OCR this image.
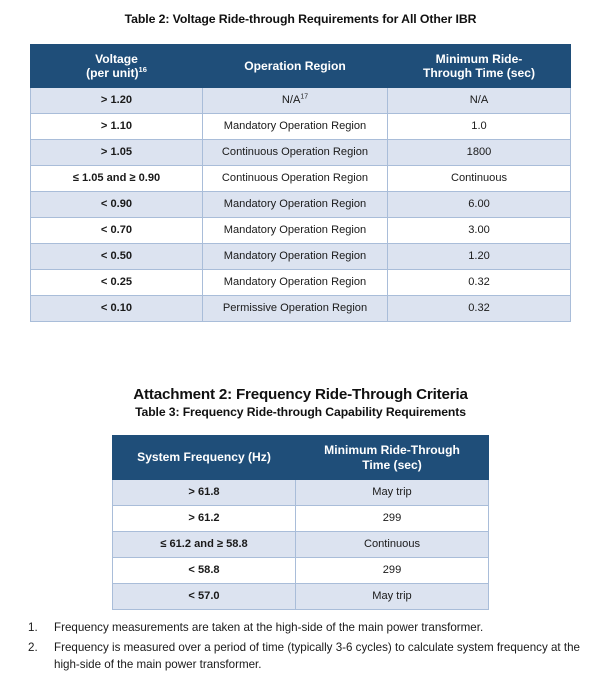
Table 2: Voltage Ride-through Requirements for All Other IBR
Voltage
(per unit)$^{16}$	Operation Region	Minimum Ride-
Through Time (sec)
> 1.20	$N/A^{17}$	N/A
> 1.10	Mandatory Operation Region	1.0
> 1.05	Continuous Operation Region	1800
≤ 1.05 and ≥ 0.90	Continuous Operation Region	Continuous
< 0.90	Mandatory Operation Region	6.00
< 0.70	Mandatory Operation Region	3.00
< 0.50	Mandatory Operation Region	1.20
< 0.25	Mandatory Operation Region	0.32
< 0.10	Permissive Operation Region	0.32
Attachment 2: Frequency Ride-Through Criteria
Table 3: Frequency Ride-through Capability Requirements
System Frequency (Hz)	Minimum Ride-Through
Time (sec)
> 61.8	May trip
> 61.2	299
≤ 61.2 and ≥ 58.8	Continuous
< 58.8	299
< 57.0	May trip
1.	Frequency measurements are taken at the high-side of the main power transformer.
2.	Frequency is measured over a period of time (typically 3-6 cycles) to calculate system frequency at the high-side of the main power transformer.
